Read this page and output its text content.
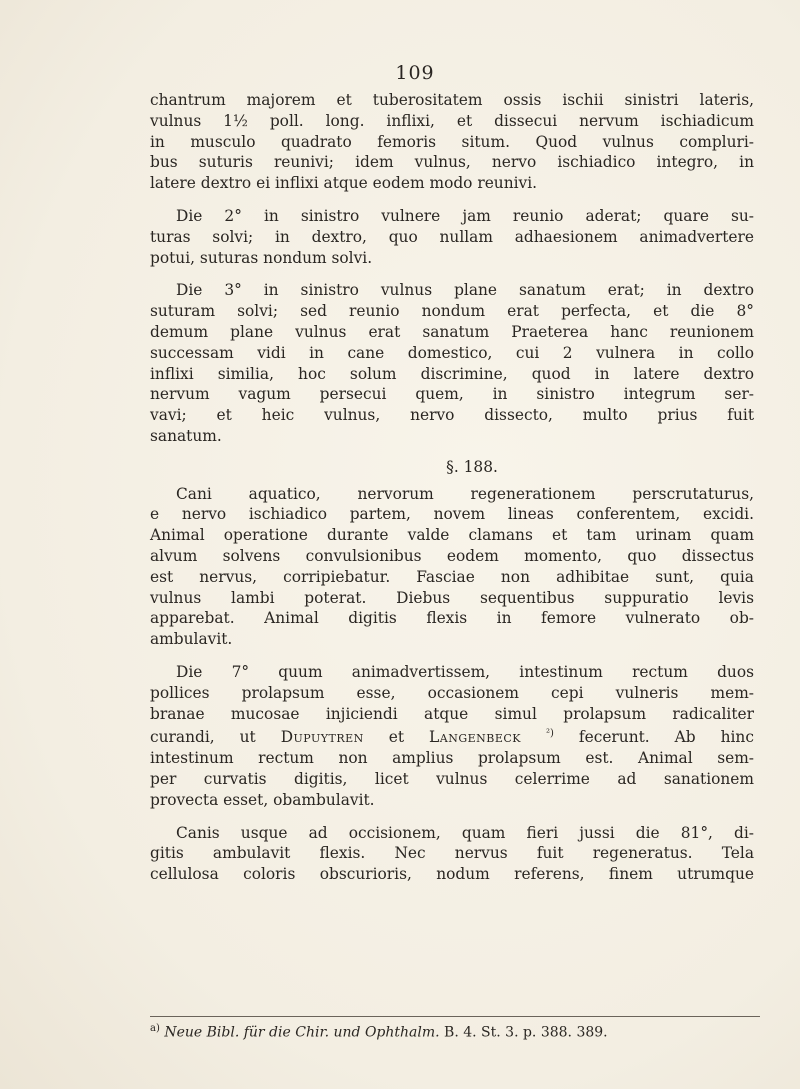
109
chantrum majorem et tuberositatem ossis ischii sinistri lateris,
vulnus 1½ poll. long. inflixi, et dissecui nervum ischiadicum
in musculo quadrato femoris situm. Quod vulnus compluri-
bus suturis reunivi; idem vulnus, nervo ischiadico integro, in
latere dextro ei inflixi atque eodem modo reunivi.
Die 2° in sinistro vulnere jam reunio aderat; quare su-
turas solvi; in dextro, quo nullam adhaesionem animadvertere
potui, suturas nondum solvi.
Die 3° in sinistro vulnus plane sanatum erat; in dextro
suturam solvi; sed reunio nondum erat perfecta, et die 8°
demum plane vulnus erat sanatum Praeterea hanc reunionem
successam vidi in cane domestico, cui 2 vulnera in collo
inflixi similia, hoc solum discrimine, quod in latere dextro
nervum vagum persecui quem, in sinistro integrum ser-
vavi; et heic vulnus, nervo dissecto, multo prius fuit
sanatum.
§. 188.
Cani aquatico, nervorum regenerationem perscrutaturus,
e nervo ischiadico partem, novem lineas conferentem, excidi.
Animal operatione durante valde clamans et tam urinam quam
alvum solvens convulsionibus eodem momento, quo dissectus
est nervus, corripiebatur. Fasciae non adhibitae sunt, quia
vulnus lambi poterat. Diebus sequentibus suppuratio levis
apparebat. Animal digitis flexis in femore vulnerato ob-
ambulavit.
Die 7° quum animadvertissem, intestinum rectum duos
pollices prolapsum esse, occasionem cepi vulneris mem-
branae mucosae injiciendi atque simul prolapsum radicaliter
curandi, ut Dupuytren et Langenbeck $^{^2)}$ fecerunt. Ab hinc
intestinum rectum non amplius prolapsum est. Animal sem-
per curvatis digitis, licet vulnus celerrime ad sanationem
provecta esset, obambulavit.
Canis usque ad occisionem, quam fieri jussi die 81°, di-
gitis ambulavit flexis. Nec nervus fuit regeneratus. Tela
cellulosa coloris obscurioris, nodum referens, finem utrumque
$^{a)}$ Neue Bibl. für die Chir. und Ophthalm. B. 4. St. 3. p. 388. 389.
